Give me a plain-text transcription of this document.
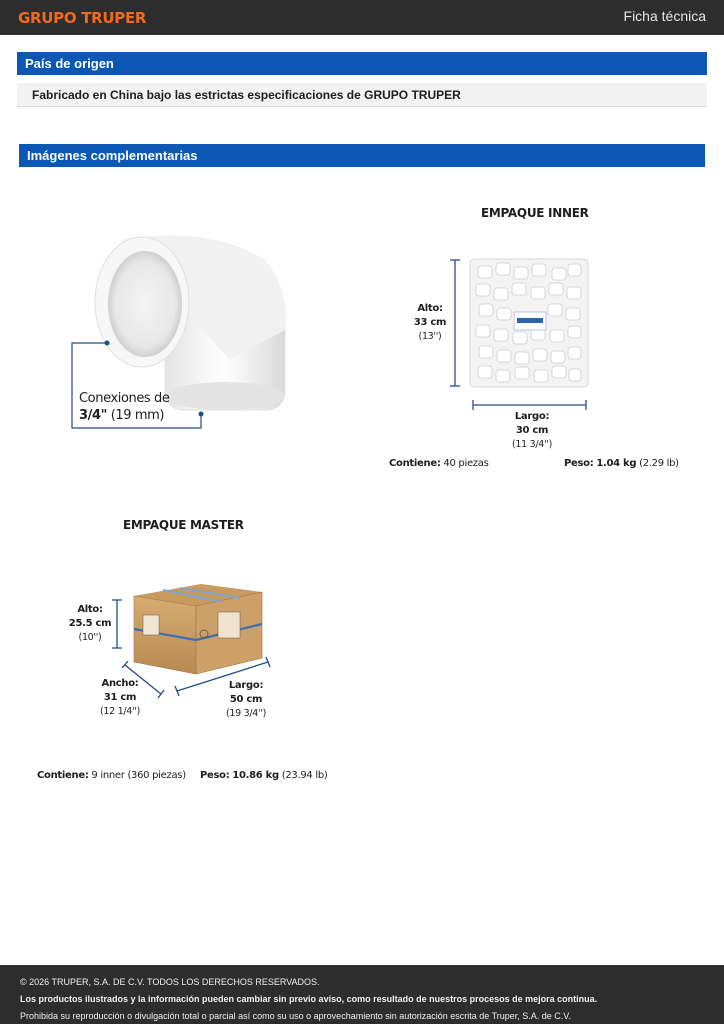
GRUPO TRUPER	Ficha técnica
País de origen
Fabricado en China bajo las estrictas especificaciones de GRUPO TRUPER
Imágenes complementarias
Conexiones de
3/4" (19 mm)
EMPAQUE INNER
Alto:
33 cm
(13'')
Largo:
30 cm
(11 3/4'')
Contiene: 40 piezas	Peso: 1.04 kg (2.29 lb)
EMPAQUE MASTER
Alto:
25.5 cm
(10'')
Ancho:
31 cm
(12 1/4'')
Largo:
50 cm
(19 3/4'')
Contiene: 9 inner (360 piezas) Peso: 10.86 kg (23.94 lb)
© 2026 TRUPER, S.A. DE C.V. TODOS LOS DERECHOS RESERVADOS.
Los productos ilustrados y la información pueden cambiar sin previo aviso, como resultado de nuestros procesos de mejora continua.
Prohibida su reproducción o divulgación total o parcial así como su uso o aprovechamiento sin autorización escrita de Truper, S.A. de C.V.
